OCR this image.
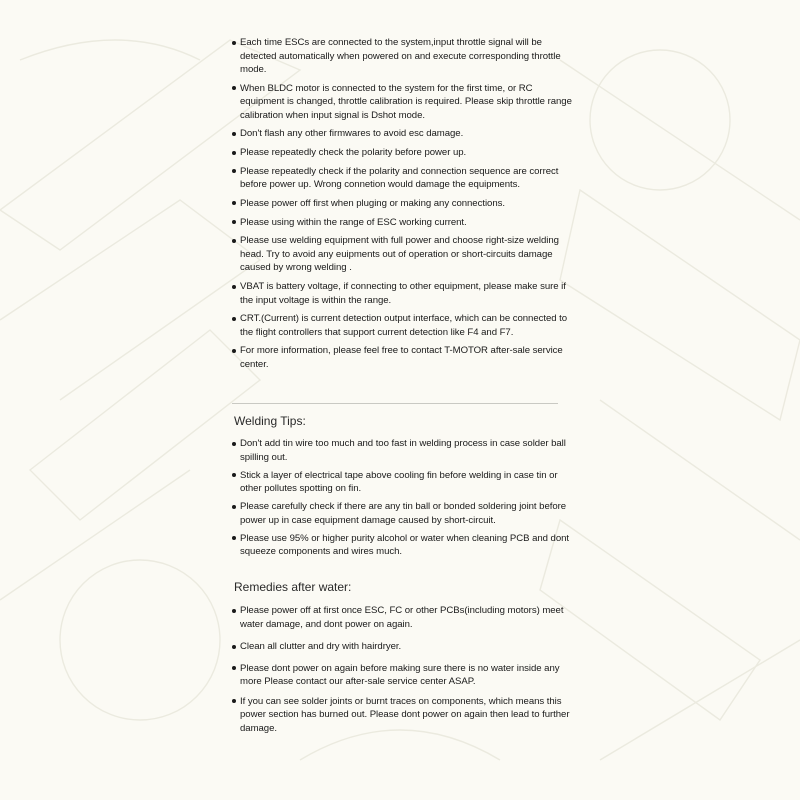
Each time ESCs are connected to the system,input throttle signal will be detected automatically when powered on and execute corresponding throttle mode.
When BLDC motor is connected to the system for the first time, or RC equipment is changed, throttle calibration is required. Please skip throttle range calibration when input signal is Dshot mode.
Don't flash any other firmwares to avoid esc damage.
Please repeatedly check the polarity before power up.
Please repeatedly check if the polarity and connection sequence are correct before power up. Wrong connetion would damage the equipments.
Please power off first when pluging or making any connections.
Please using within the range of ESC working current.
Please use welding equipment with full power and choose right-size welding head. Try to avoid any euipments out of operation or short-circuits damage caused by wrong welding .
VBAT is battery voltage, if connecting to other equipment, please make sure if the input voltage is within the range.
CRT.(Current) is current detection output interface, which can be connected to the flight controllers that support current detection like F4 and F7.
For more information, please feel free to contact T-MOTOR after-sale service center.
Welding Tips:
Don't add tin wire too much and too fast in welding process in case solder ball spilling out.
Stick a layer of electrical tape above cooling fin before welding in case tin or other pollutes spotting on fin.
Please carefully check if there are any tin ball or bonded soldering joint before power up in case equipment damage caused by short-circuit.
Please use 95% or higher purity alcohol or water when cleaning PCB and dont squeeze components and wires much.
Remedies after water:
Please power off at first once ESC, FC or other PCBs(including motors) meet water damage, and dont power on again.
Clean all clutter and dry with hairdryer.
Please dont power on again before making sure there is no water inside any more Please contact our after-sale service center ASAP.
If you can see solder joints or burnt traces on components, which means this power section has burned out. Please dont power on again then lead to further damage.
